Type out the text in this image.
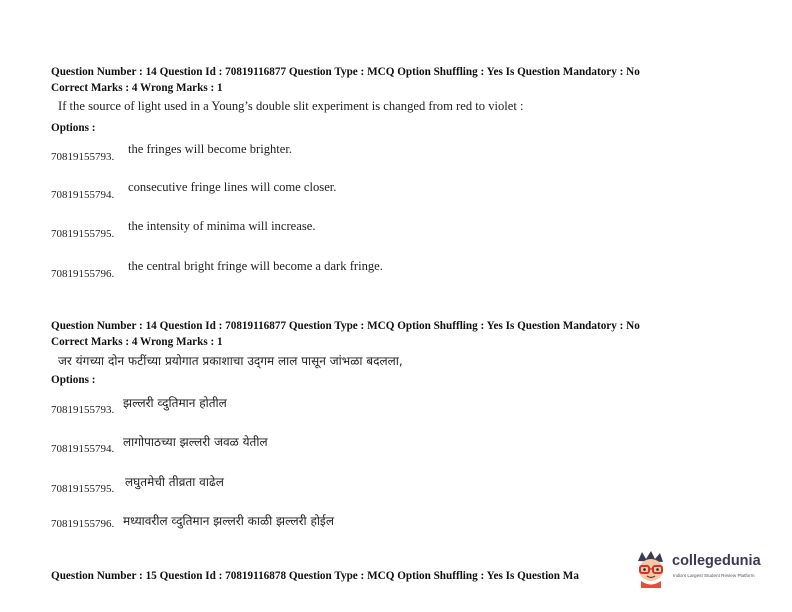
Question Number : 14 Question Id : 70819116877 Question Type : MCQ Option Shuffling : Yes Is Question Mandatory : No
Correct Marks : 4 Wrong Marks : 1
If the source of light used in a Young’s double slit experiment is changed from red to violet :
Options :
70819155793.
the fringes will become brighter.
70819155794.
consecutive fringe lines will come closer.
70819155795.
the intensity of minima will increase.
70819155796.
the central bright fringe will become a dark fringe.
Question Number : 14 Question Id : 70819116877 Question Type : MCQ Option Shuffling : Yes Is Question Mandatory : No
Correct Marks : 4 Wrong Marks : 1
जर यंगच्या दोन फटींच्या प्रयोगात प्रकाशाचा उद्‌गम लाल पासून जांभळा बदलला,
Options :
70819155793. झल्लरी व्दुतिमान होतील
70819155794. लागोपाठच्या झल्लरी जवळ येतील
70819155795. लघुतमेची तीव्रता वाढेल
70819155796. मध्यावरील व्दुतिमान झल्लरी काळी झल्लरी होईल
Question Number : 15 Question Id : 70819116878 Question Type : MCQ Option Shuffling : Yes Is Question Ma
collegedunia
India's Largest Student Review Platform
